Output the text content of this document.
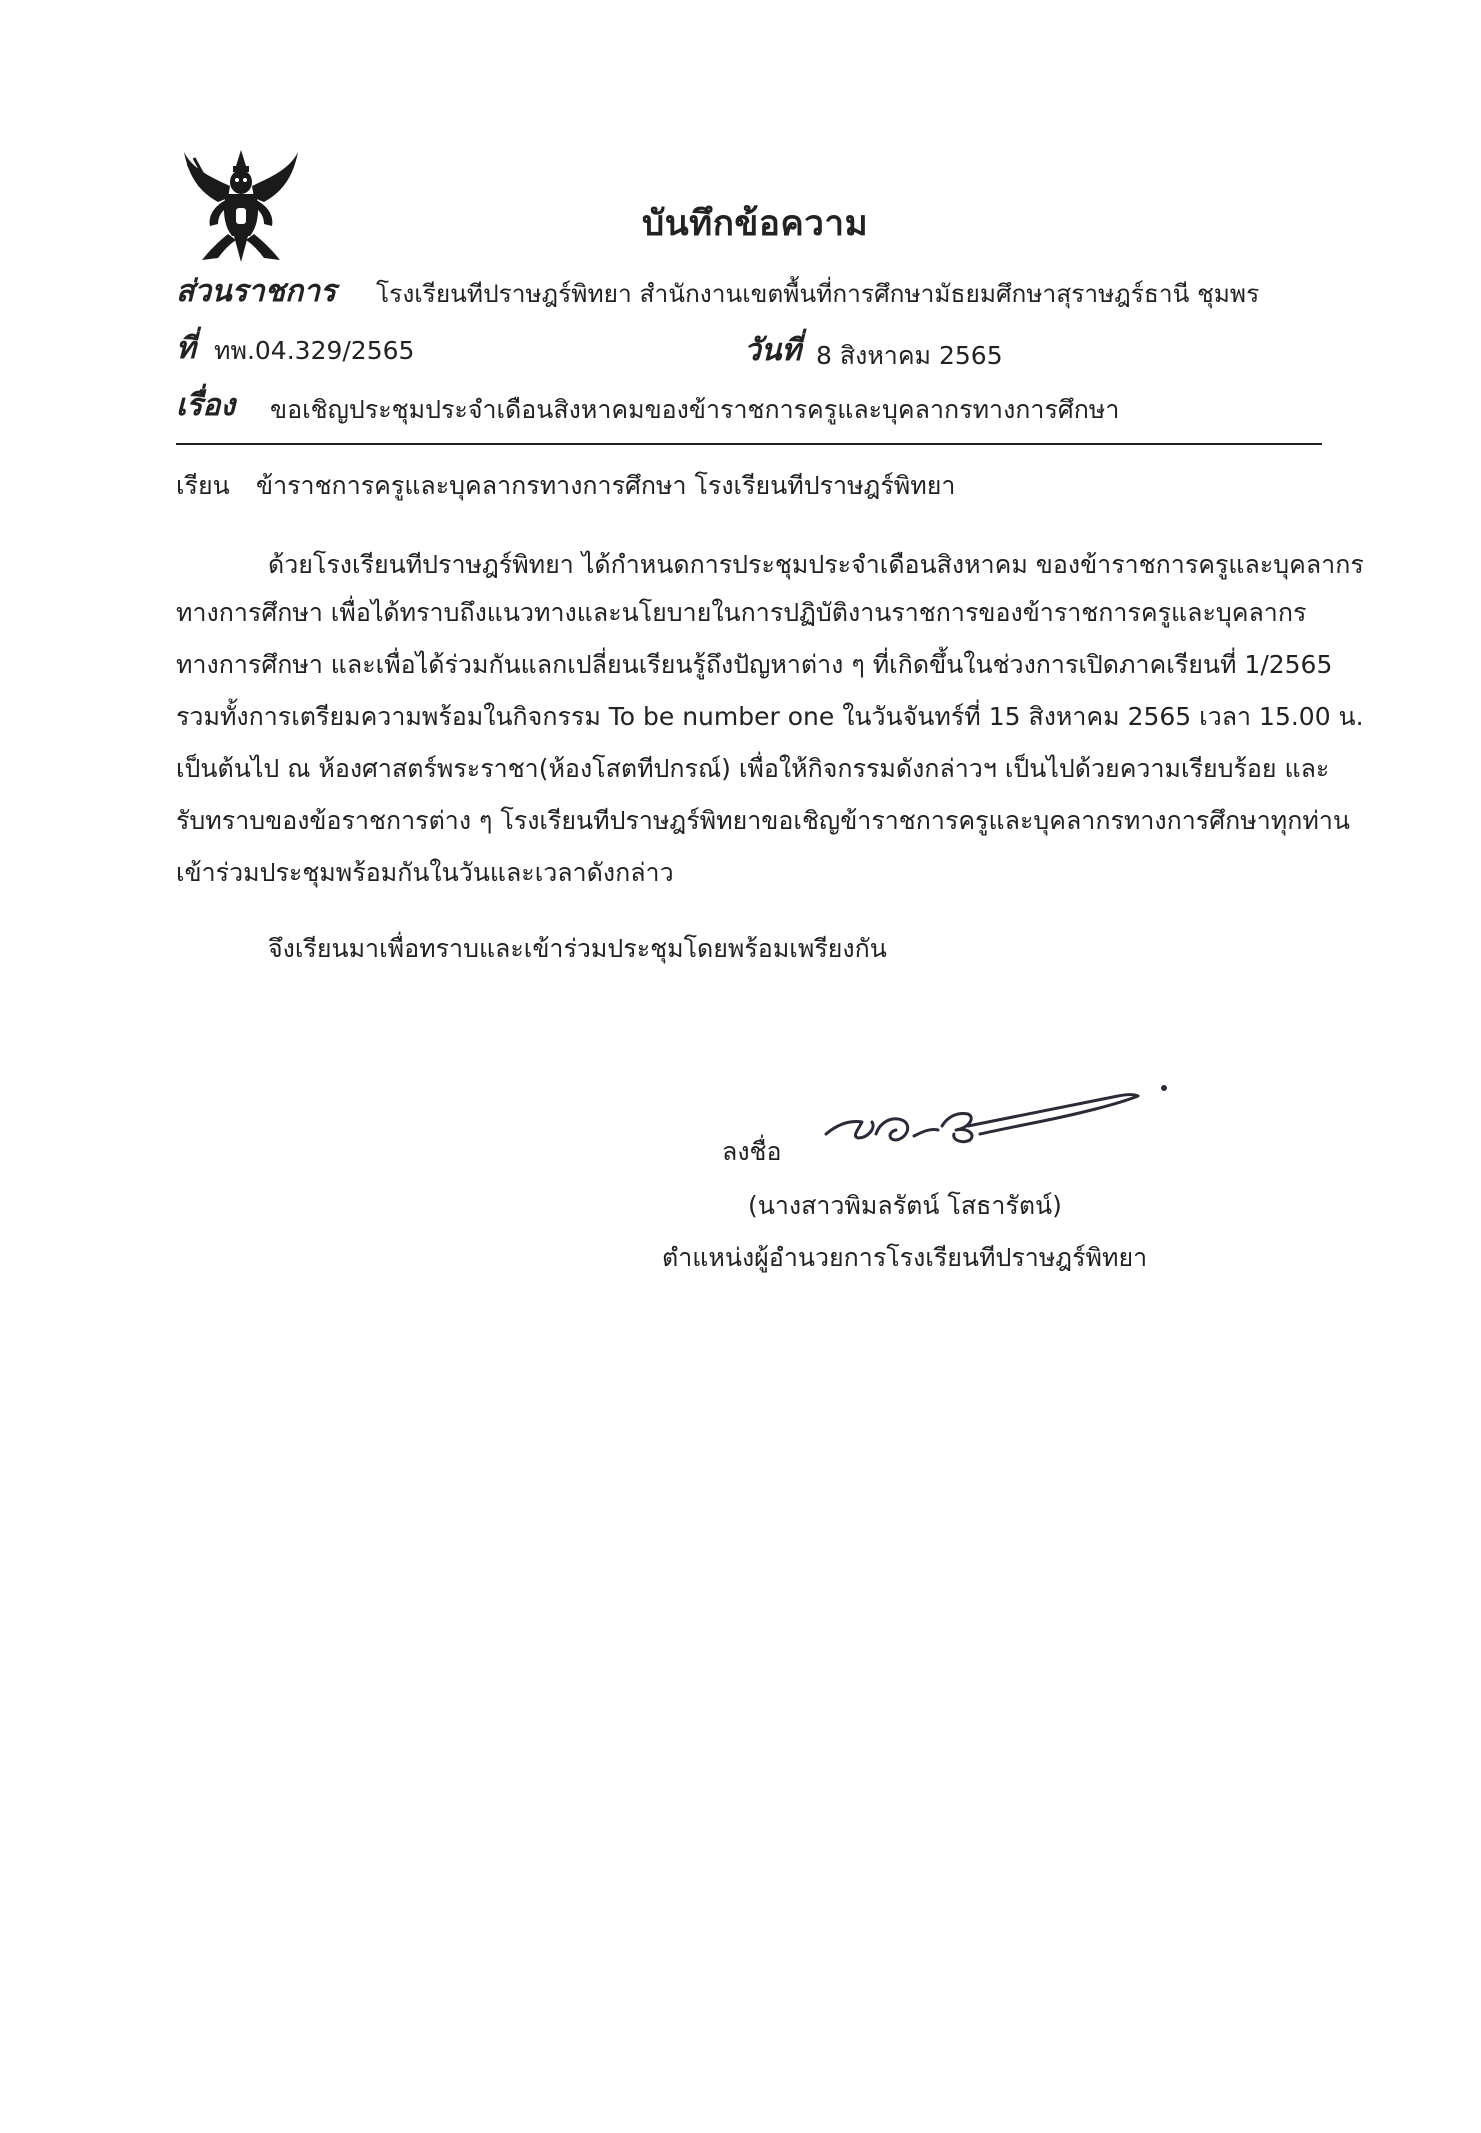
บันทึกข้อความ
ส่วนราชการ โรงเรียนทีปราษฎร์พิทยา สำนักงานเขตพื้นที่การศึกษามัธยมศึกษาสุราษฎร์ธานี ชุมพร
ที่ ทพ.04.329/2565	วันที่ 8 สิงหาคม 2565
เรื่อง ขอเชิญประชุมประจำเดือนสิงหาคมของข้าราชการครูและบุคลากรทางการศึกษา
เรียน ข้าราชการครูและบุคลากรทางการศึกษา โรงเรียนทีปราษฎร์พิทยา
ด้วยโรงเรียนทีปราษฎร์พิทยา ได้กำหนดการประชุมประจำเดือนสิงหาคม ของข้าราชการครูและบุคลากร
ทางการศึกษา เพื่อได้ทราบถึงแนวทางและนโยบายในการปฏิบัติงานราชการของข้าราชการครูและบุคลากร
ทางการศึกษา และเพื่อได้ร่วมกันแลกเปลี่ยนเรียนรู้ถึงปัญหาต่าง ๆ ที่เกิดขึ้นในช่วงการเปิดภาคเรียนที่ 1/2565
รวมทั้งการเตรียมความพร้อมในกิจกรรม To be number one ในวันจันทร์ที่ 15 สิงหาคม 2565 เวลา 15.00 น.
เป็นต้นไป ณ ห้องศาสตร์พระราชา(ห้องโสตทีปกรณ์) เพื่อให้กิจกรรมดังกล่าวฯ เป็นไปด้วยความเรียบร้อย และ
รับทราบของข้อราชการต่าง ๆ โรงเรียนทีปราษฎร์พิทยาขอเชิญข้าราชการครูและบุคลากรทางการศึกษาทุกท่าน
เข้าร่วมประชุมพร้อมกันในวันและเวลาดังกล่าว
จึงเรียนมาเพื่อทราบและเข้าร่วมประชุมโดยพร้อมเพรียงกัน
ลงชื่อ
(นางสาวพิมลรัตน์ โสธารัตน์)
ตำแหน่งผู้อำนวยการโรงเรียนทีปราษฎร์พิทยา
